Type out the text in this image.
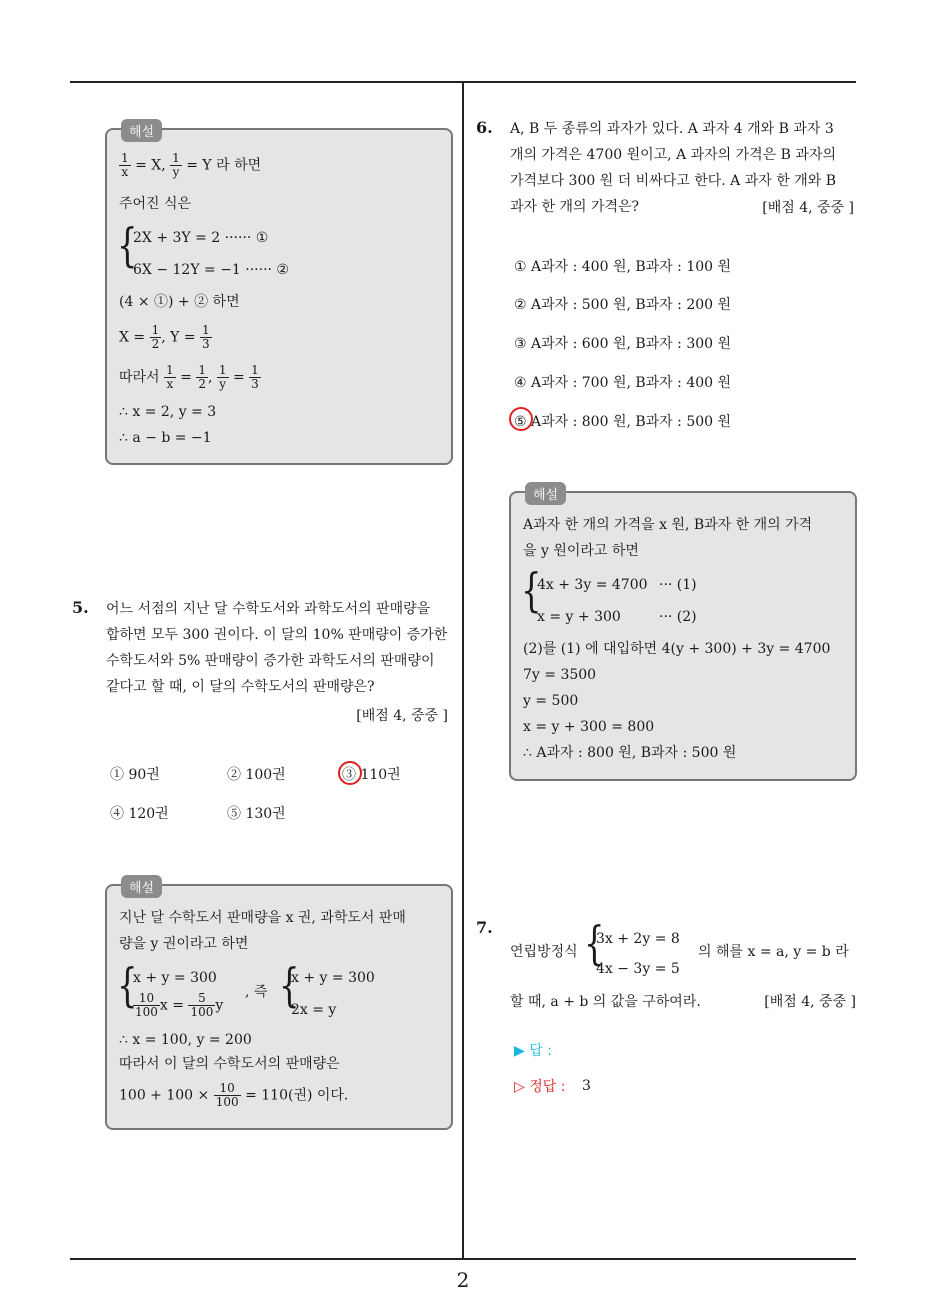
해설
$\frac{1}{x} = X$, $\frac{1}{y} = Y$ 라 하면
주어진 식은
{
2X + 3Y = 2 ······ ①
6X − 12Y = −1 ······ ②
(4 × ①) + ② 하면
$X = \frac{1}{2}$ , $Y = \frac{1}{3}$
따라서 $\frac{1}{x} = \frac{1}{2}$ , $\frac{1}{y} = \frac{1}{3}$
∴ x = 2, y = 3
∴ a − b = −1
5. 어느 서점의 지난 달 수학도서와 과학도서의 판매량을

합하면 모두 300 권이다. 이 달의 10% 판매량이 증가한

수학도서와 5% 판매량이 증가한 과학도서의 판매량이

같다고 할 때, 이 달의 수학도서의 판매량은?

[배점 4, 중중 ]
① 90권	② 100권	③ 110권
④ 120권	⑤ 130권
해설
지난 달 수학도서 판매량을 x 권, 과학도서 판매
량을 y 권이라고 하면
{
x + y = 300
$\frac{10}{100}$ $x = \frac{5}{100}$ y
, 즉 {
x + y = 300
2x = y
∴ x = 100, y = 200
따라서 이 달의 수학도서의 판매량은
$100 + 100 \times \frac{10}{100} = 110$(권) 이다.
6. A, B 두 종류의 과자가 있다. A 과자 4 개와 B 과자 3

개의 가격은 4700 원이고, A 과자의 가격은 B 과자의

가격보다 300 원 더 비싸다고 한다. A 과자 한 개와 B

과자 한 개의 가격은?	[배점 4, 중중 ]
① A과자 : 400 원, B과자 : 100 원
② A과자 : 500 원, B과자 : 200 원
③ A과자 : 600 원, B과자 : 300 원
④ A과자 : 700 원, B과자 : 400 원
⑤ A과자 : 800 원, B과자 : 500 원
해설
A과자 한 개의 가격을 x 원, B과자 한 개의 가격
을 y 원이라고 하면
{
4x + 3y = 4700 ··· (1)
x = y + 300	··· (2)
(2)를 (1) 에 대입하면 4(y + 300) + 3y = 4700
7y = 3500
y = 500
x = y + 300 = 800
∴ A과자 : 800 원, B과자 : 500 원
7.
연립방정식 {
3x + 2y = 8
4x − 3y = 5
의 해를 x = a, y = b 라
할 때, a + b 의 값을 구하여라.	[배점 4, 중중 ]
▶ 답 :
▷ 정답 : 3
2
